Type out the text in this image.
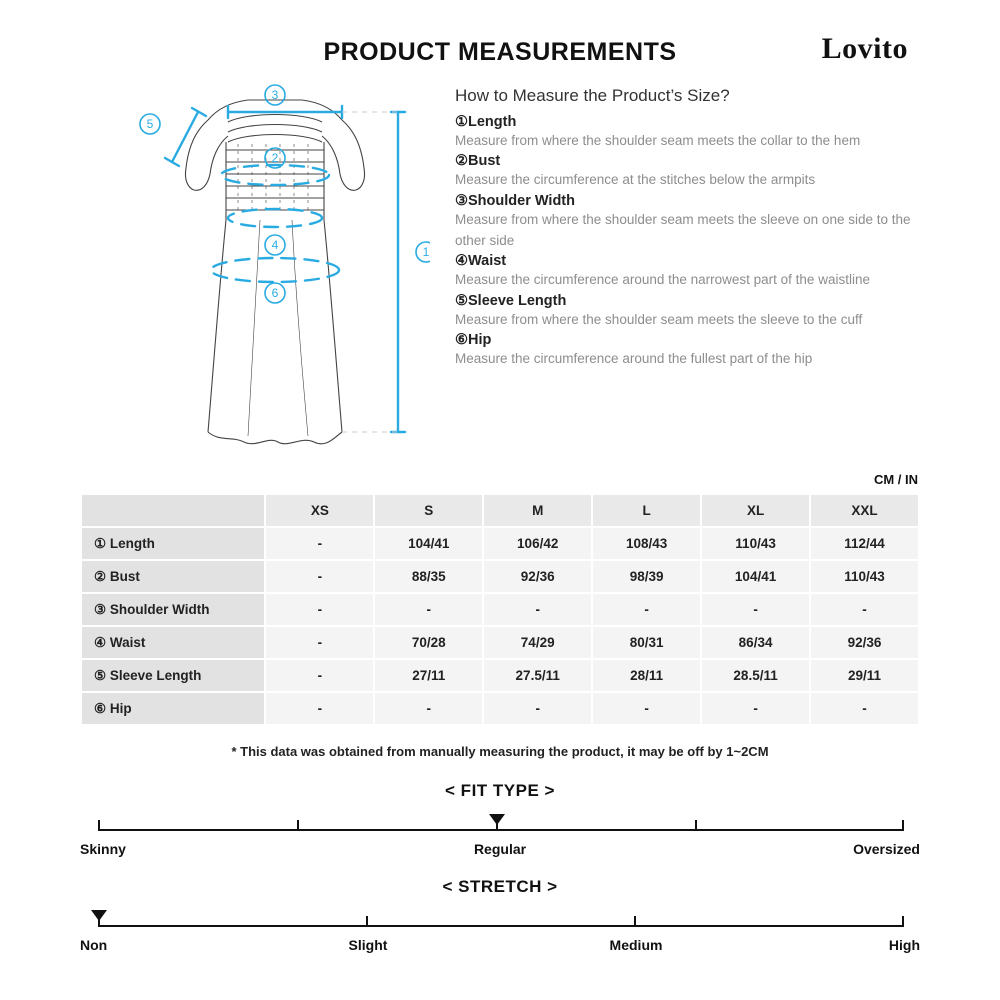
PRODUCT MEASUREMENTS	Lovito
3
2
4
6
5
1
How to Measure the Product’s Size?
①Length
Measure from where the shoulder seam meets the collar to the hem
②Bust
Measure the circumference at the stitches below the armpits
③Shoulder Width
Measure from where the shoulder seam meets the sleeve on one side to the other side
④Waist
Measure the circumference around the narrowest part of the waistline
⑤Sleeve Length
Measure from where the shoulder seam meets the sleeve to the cuff
⑥Hip
Measure the circumference around the fullest part of the hip
CM / IN
	XS	S	M	L	XL	XXL
① Length	-	104/41	106/42	108/43	110/43	112/44
② Bust	-	88/35	92/36	98/39	104/41	110/43
③ Shoulder Width	-	-	-	-	-	-
④ Waist	-	70/28	74/29	80/31	86/34	92/36
⑤ Sleeve Length	-	27/11	27.5/11	28/11	28.5/11	29/11
⑥ Hip	-	-	-	-	-	-
* This data was obtained from manually measuring the product, it may be off by 1~2CM
< FIT TYPE >
Skinny	Regular	Oversized
< STRETCH >
Non	Slight	Medium	High
